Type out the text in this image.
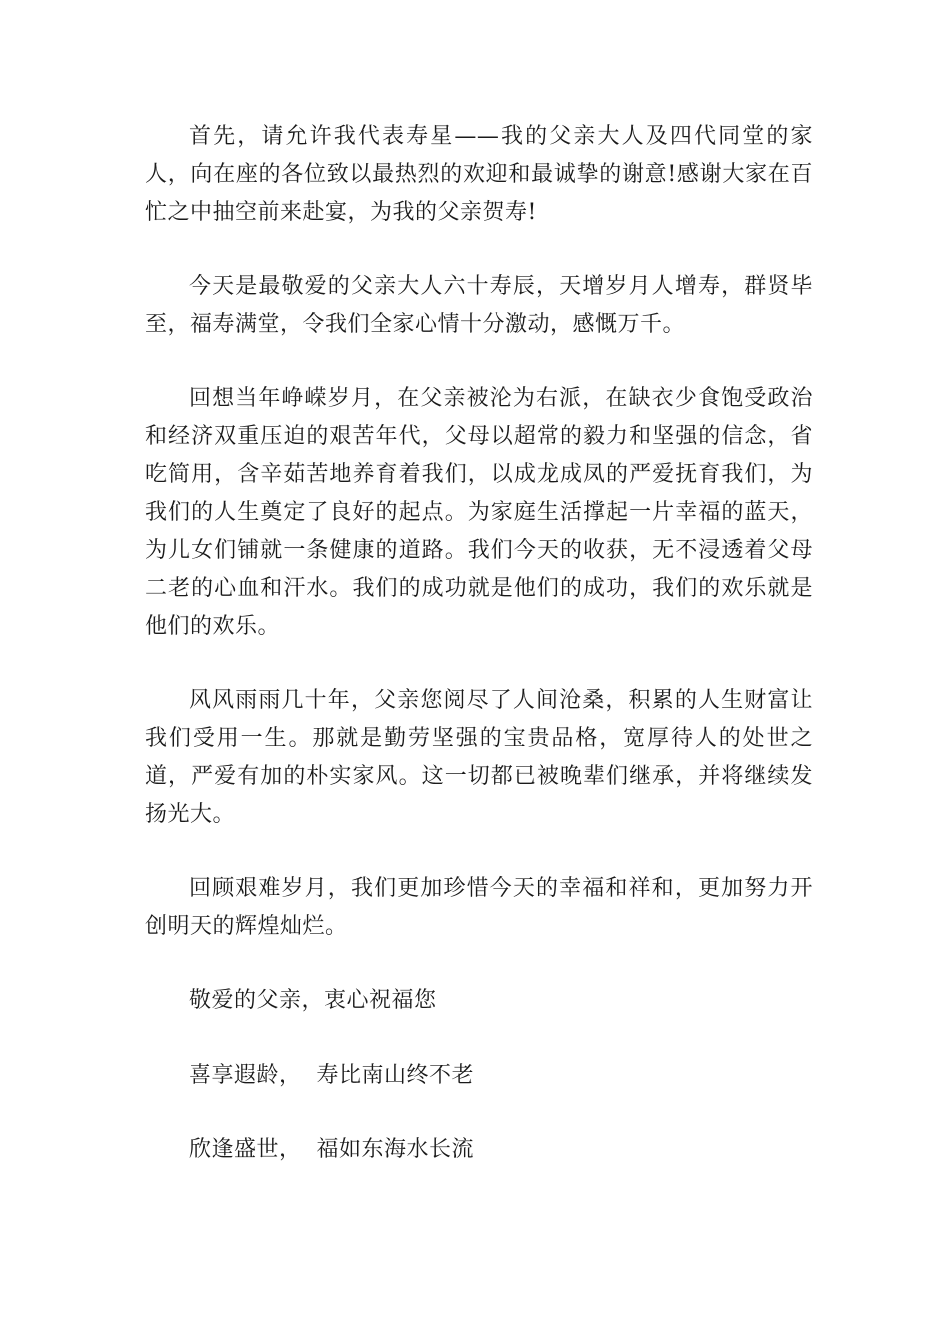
首先，请允许我代表寿星——我的父亲大人及四代同堂的家人，向在座的各位致以最热烈的欢迎和最诚挚的谢意!感谢大家在百忙之中抽空前来赴宴，为我的父亲贺寿!

今天是最敬爱的父亲大人六十寿辰，天增岁月人增寿，群贤毕至，福寿满堂，令我们全家心情十分激动，感慨万千。

回想当年峥嵘岁月，在父亲被沦为右派，在缺衣少食饱受政治和经济双重压迫的艰苦年代，父母以超常的毅力和坚强的信念，省吃简用，含辛茹苦地养育着我们，以成龙成凤的严爱抚育我们，为我们的人生奠定了良好的起点。为家庭生活撑起一片幸福的蓝天，为儿女们铺就一条健康的道路。我们今天的收获，无不浸透着父母二老的心血和汗水。我们的成功就是他们的成功，我们的欢乐就是他们的欢乐。

风风雨雨几十年，父亲您阅尽了人间沧桑，积累的人生财富让我们受用一生。那就是勤劳坚强的宝贵品格，宽厚待人的处世之道，严爱有加的朴实家风。这一切都已被晚辈们继承，并将继续发扬光大。

回顾艰难岁月，我们更加珍惜今天的幸福和祥和，更加努力开创明天的辉煌灿烂。

敬爱的父亲，衷心祝福您

喜享遐龄，  寿比南山终不老

欣逢盛世，  福如东海水长流
